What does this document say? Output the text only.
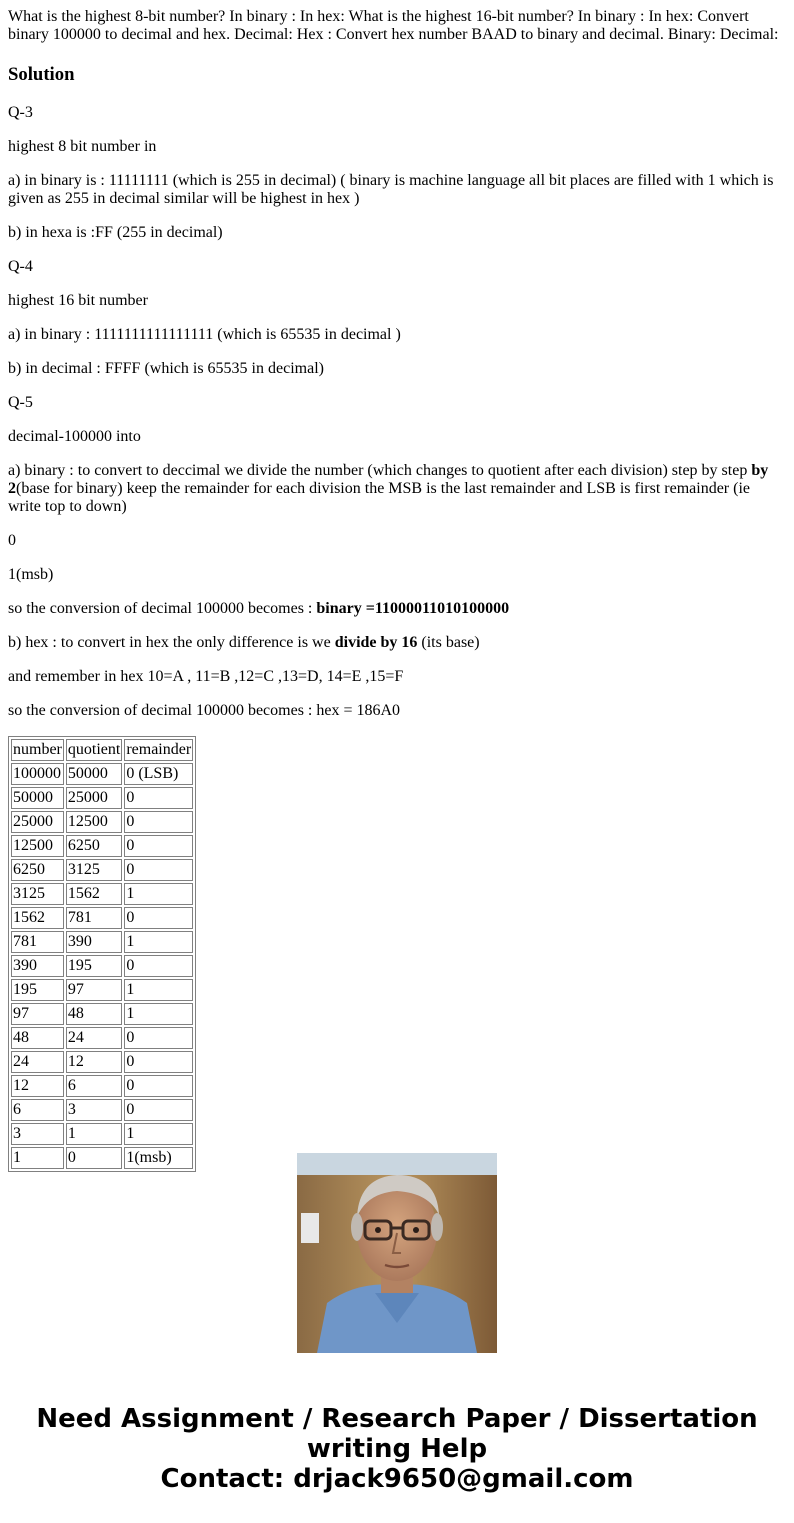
What is the highest 8-bit number? In binary : In hex: What is the highest 16-bit number? In binary : In hex: Convert binary 100000 to decimal and hex. Decimal: Hex : Convert hex number BAAD to binary and decimal. Binary: Decimal:

Solution

Q-3

highest 8 bit number in

a) in binary is : 11111111 (which is 255 in decimal) ( binary is machine language all bit places are filled with 1 which is given as 255 in decimal similar will be highest in hex )

b) in hexa is :FF (255 in decimal)

Q-4

highest 16 bit number

a) in binary : 1111111111111111 (which is 65535 in decimal )

b) in decimal : FFFF (which is 65535 in decimal)

Q-5

decimal-100000 into

a) binary : to convert to deccimal we divide the number (which changes to quotient after each division) step by step by 2(base for binary) keep the remainder for each division the MSB is the last remainder and LSB is first remainder (ie write top to down)

0

1(msb)

so the conversion of decimal 100000 becomes : binary =11000011010100000

b) hex : to convert in hex the only difference is we divide by 16 (its base)

and remember in hex 10=A , 11=B ,12=C ,13=D, 14=E ,15=F

so the conversion of decimal 100000 becomes : hex = 186A0

number	quotient	remainder
100000	50000	0 (LSB)
50000	25000	0
25000	12500	0
12500	6250	0
6250	3125	0
3125	1562	1
1562	781	0
781	390	1
390	195	0
195	97	1
97	48	1
48	24	0
24	12	0
12	6	0
6	3	0
3	1	1
1	0	1(msb)
Need Assignment / Research Paper / Dissertation
writing Help
Contact: drjack9650@gmail.com
